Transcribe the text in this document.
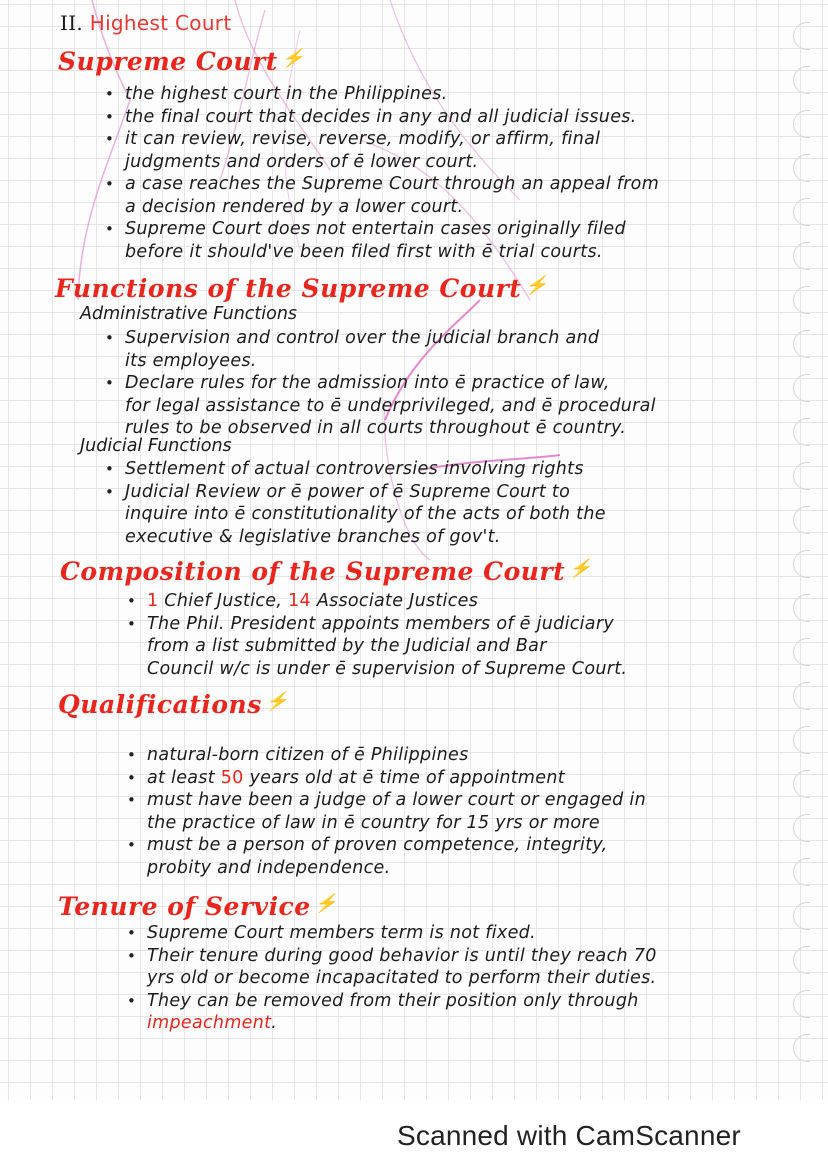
II. Highest Court
Supreme Court ⚡
• the highest court in the Philippines.
• the final court that decides in any and all judicial issues.
• it can review, revise, reverse, modify, or affirm, final
judgments and orders of ē lower court.
• a case reaches the Supreme Court through an appeal from
a decision rendered by a lower court.
• Supreme Court does not entertain cases originally filed
before it should've been filed first with ē trial courts.
Functions of the Supreme Court ⚡
Administrative Functions
• Supervision and control over the judicial branch and
its employees.
• Declare rules for the admission into ē practice of law,
for legal assistance to ē underprivileged, and ē procedural
rules to be observed in all courts throughout ē country.
Judicial Functions
• Settlement of actual controversies involving rights
• Judicial Review or ē power of ē Supreme Court to
inquire into ē constitutionality of the acts of both the
executive & legislative branches of gov't.
Composition of the Supreme Court ⚡
• 1 Chief Justice, 14 Associate Justices
• The Phil. President appoints members of ē judiciary
from a list submitted by the Judicial and Bar
Council w/c is under ē supervision of Supreme Court.
Qualifications ⚡
• natural-born citizen of ē Philippines
• at least 50 years old at ē time of appointment
• must have been a judge of a lower court or engaged in
the practice of law in ē country for 15 yrs or more
• must be a person of proven competence, integrity,
probity and independence.
Tenure of Service ⚡
• Supreme Court members term is not fixed.
• Their tenure during good behavior is until they reach 70
yrs old or become incapacitated to perform their duties.
• They can be removed from their position only through
impeachment.
Scanned with CamScanner
